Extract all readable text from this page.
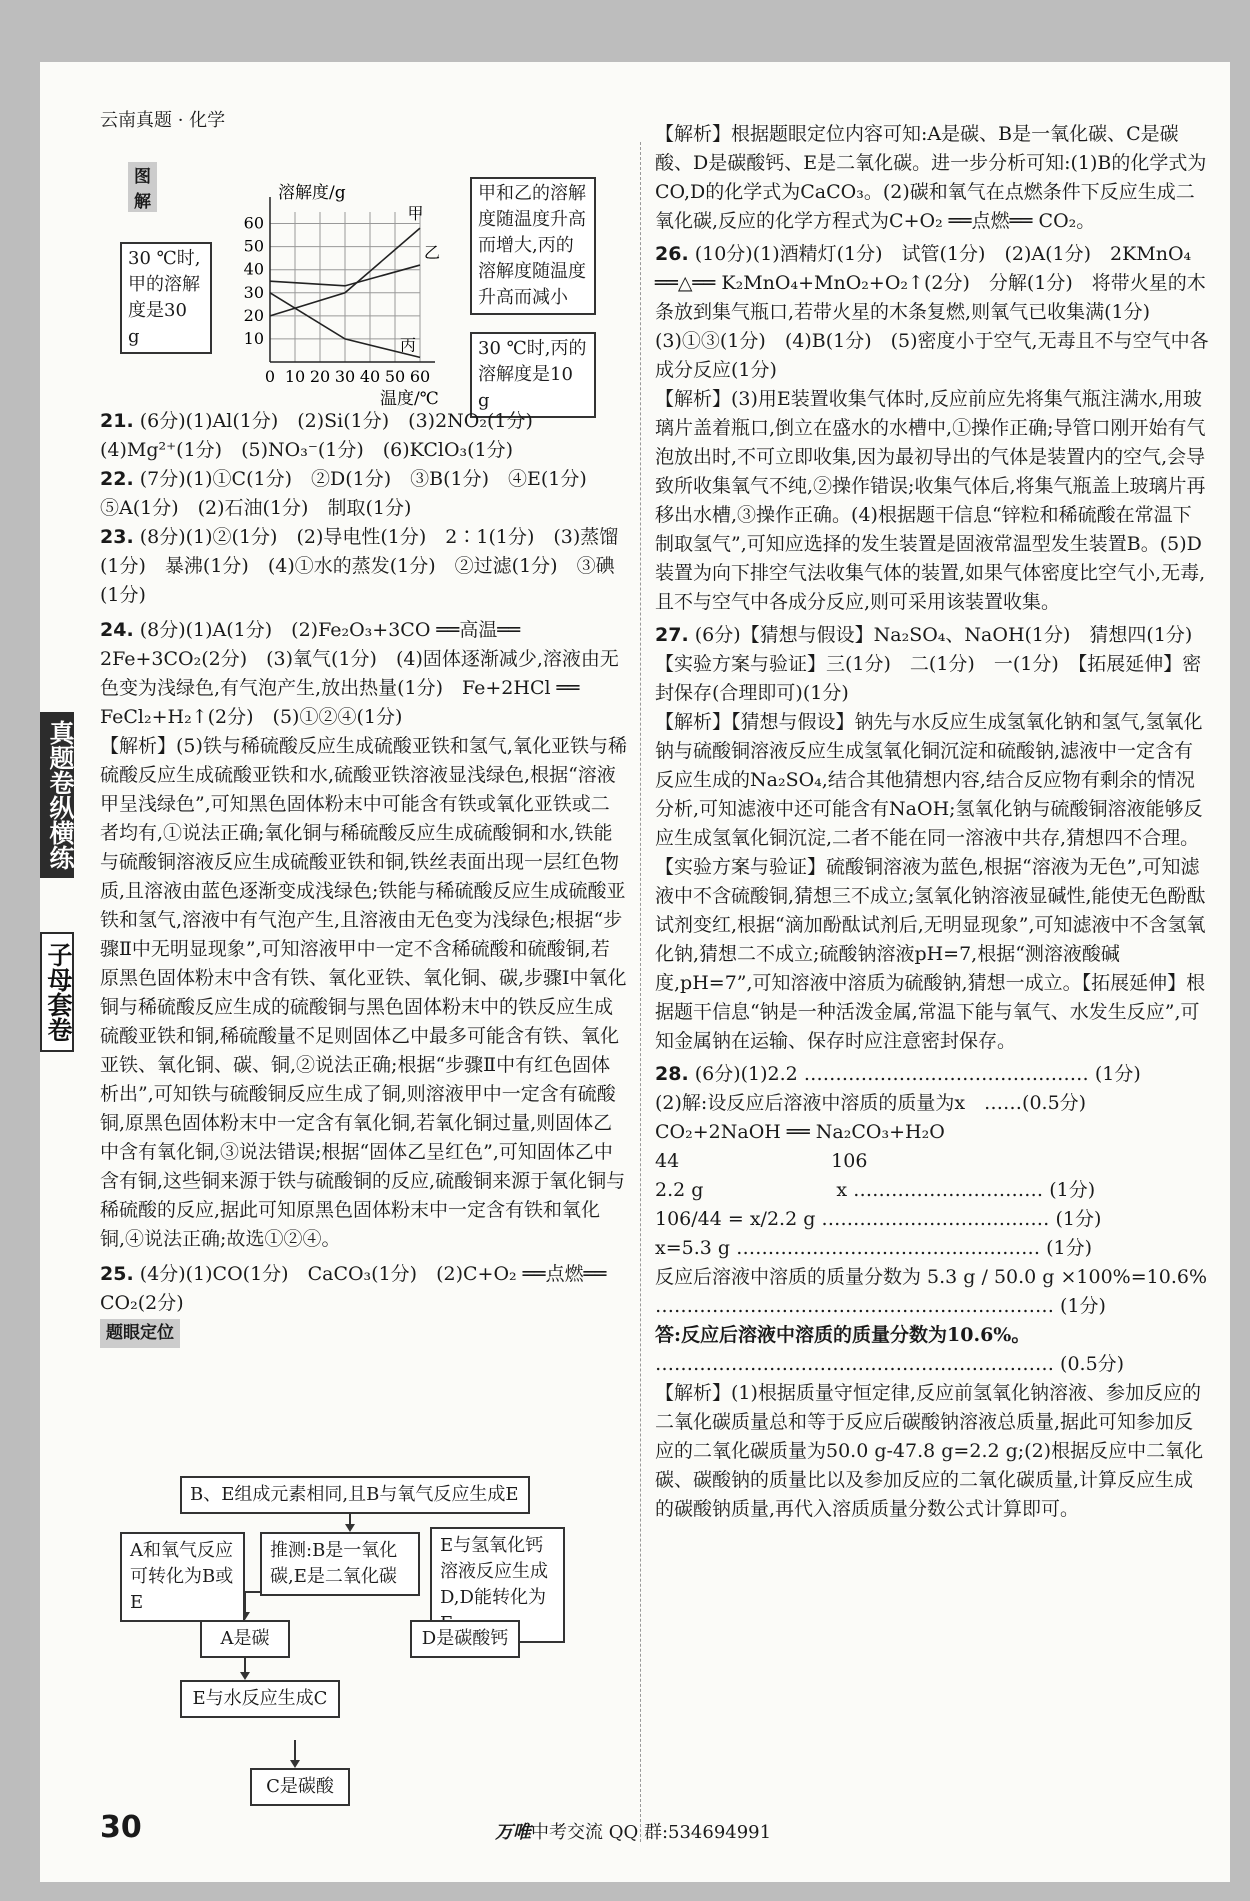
云南真题 · 化学
真题卷纵横练
子母套卷
图解
0 10 20 30 40 50 60
10
20
30
40
50
60
溶解度/g
温度/℃
甲
乙
丙
30 ℃时,甲的溶解度是30 g
甲和乙的溶解度随温度升高而增大,丙的溶解度随温度升高而减小
30 ℃时,丙的溶解度是10 g

21. (6分)(1)Al(1分)　(2)Si(1分)　(3)2NO₂(1分)　(4)Mg²⁺(1分)　(5)NO₃⁻(1分)　(6)KClO₃(1分)

22. (7分)(1)①C(1分)　②D(1分)　③B(1分)　④E(1分)　⑤A(1分)　(2)石油(1分)　制取(1分)

23. (8分)(1)②(1分)　(2)导电性(1分)　2∶1(1分)　(3)蒸馏(1分)　暴沸(1分)　(4)①水的蒸发(1分)　②过滤(1分)　③碘(1分)

24. (8分)(1)A(1分)　(2)Fe₂O₃+3CO ══高温══ 2Fe+3CO₂(2分)　(3)氧气(1分)　(4)固体逐渐减少,溶液由无色变为浅绿色,有气泡产生,放出热量(1分)　Fe+2HCl ══ FeCl₂+H₂↑(2分)　(5)①②④(1分)

【解析】(5)铁与稀硫酸反应生成硫酸亚铁和氢气,氧化亚铁与稀硫酸反应生成硫酸亚铁和水,硫酸亚铁溶液显浅绿色,根据“溶液甲呈浅绿色”,可知黑色固体粉末中可能含有铁或氧化亚铁或二者均有,①说法正确;氧化铜与稀硫酸反应生成硫酸铜和水,铁能与硫酸铜溶液反应生成硫酸亚铁和铜,铁丝表面出现一层红色物质,且溶液由蓝色逐渐变成浅绿色;铁能与稀硫酸反应生成硫酸亚铁和氢气,溶液中有气泡产生,且溶液由无色变为浅绿色;根据“步骤Ⅱ中无明显现象”,可知溶液甲中一定不含稀硫酸和硫酸铜,若原黑色固体粉末中含有铁、氧化亚铁、氧化铜、碳,步骤Ⅰ中氧化铜与稀硫酸反应生成的硫酸铜与黑色固体粉末中的铁反应生成硫酸亚铁和铜,稀硫酸量不足则固体乙中最多可能含有铁、氧化亚铁、氧化铜、碳、铜,②说法正确;根据“步骤Ⅱ中有红色固体析出”,可知铁与硫酸铜反应生成了铜,则溶液甲中一定含有硫酸铜,原黑色固体粉末中一定含有氧化铜,若氧化铜过量,则固体乙中含有氧化铜,③说法错误;根据“固体乙呈红色”,可知固体乙中含有铜,这些铜来源于铁与硫酸铜的反应,硫酸铜来源于氧化铜与稀硫酸的反应,据此可知原黑色固体粉末中一定含有铁和氧化铜,④说法正确;故选①②④。

25. (4分)(1)CO(1分)　CaCO₃(1分)　(2)C+O₂ ══点燃══ CO₂(2分)

题眼定位
B、E组成元素相同,且B与氧气反应生成E
A和氧气反应可转化为B或E
推测:B是一氧化碳,E是二氧化碳
E与氢氧化钙溶液反应生成D,D能转化为
A是碳	D是碳酸钙
E与水反应生成C
C是碳酸

【解析】根据题眼定位内容可知:A是碳、B是一氧化碳、C是碳酸、D是碳酸钙、E是二氧化碳。进一步分析可知:(1)B的化学式为CO,D的化学式为CaCO₃。(2)碳和氧气在点燃条件下反应生成二氧化碳,反应的化学方程式为C+O₂ ══点燃══ CO₂。

26. (10分)(1)酒精灯(1分)　试管(1分)　(2)A(1分)　2KMnO₄ ══△══ K₂MnO₄+MnO₂+O₂↑(2分)　分解(1分)　将带火星的木条放到集气瓶口,若带火星的木条复燃,则氧气已收集满(1分)　(3)①③(1分)　(4)B(1分)　(5)密度小于空气,无毒且不与空气中各成分反应(1分)

【解析】(3)用E装置收集气体时,反应前应先将集气瓶注满水,用玻璃片盖着瓶口,倒立在盛水的水槽中,①操作正确;导管口刚开始有气泡放出时,不可立即收集,因为最初导出的气体是装置内的空气,会导致所收集氧气不纯,②操作错误;收集气体后,将集气瓶盖上玻璃片再移出水槽,③操作正确。(4)根据题干信息“锌粒和稀硫酸在常温下制取氢气”,可知应选择的发生装置是固液常温型发生装置B。(5)D装置为向下排空气法收集气体的装置,如果气体密度比空气小,无毒,且不与空气中各成分反应,则可采用该装置收集。

27. (6分)【猜想与假设】Na₂SO₄、NaOH(1分)　猜想四(1分)　【实验方案与验证】三(1分)　二(1分)　一(1分)　【拓展延伸】密封保存(合理即可)(1分)

【解析】【猜想与假设】钠先与水反应生成氢氧化钠和氢气,氢氧化钠与硫酸铜溶液反应生成氢氧化铜沉淀和硫酸钠,滤液中一定含有反应生成的Na₂SO₄,结合其他猜想内容,结合反应物有剩余的情况分析,可知滤液中还可能含有NaOH;氢氧化钠与硫酸铜溶液能够反应生成氢氧化铜沉淀,二者不能在同一溶液中共存,猜想四不合理。【实验方案与验证】硫酸铜溶液为蓝色,根据“溶液为无色”,可知滤液中不含硫酸铜,猜想三不成立;氢氧化钠溶液显碱性,能使无色酚酞试剂变红,根据“滴加酚酞试剂后,无明显现象”,可知滤液中不含氢氧化钠,猜想二不成立;硫酸钠溶液pH=7,根据“测溶液酸碱度,pH=7”,可知溶液中溶质为硫酸钠,猜想一成立。【拓展延伸】根据题干信息“钠是一种活泼金属,常温下能与氧气、水发生反应”,可知金属钠在运输、保存时应注意密封保存。

28. (6分)(1)2.2 ……………………………………… (1分)

(2)解:设反应后溶液中溶质的质量为x　……(0.5分)

CO₂+2NaOH ══ Na₂CO₃+H₂O

44　　　　　　　　106

2.2 g　　　　　　　x ………………………… (1分)

106/44 = x/2.2 g ……………………………… (1分)

x=5.3 g ………………………………………… (1分)

反应后溶液中溶质的质量分数为 5.3 g / 50.0 g ×100%=10.6%

……………………………………………………… (1分)

答:反应后溶液中溶质的质量分数为10.6%。

……………………………………………………… (0.5分)

【解析】(1)根据质量守恒定律,反应前氢氧化钠溶液、参加反应的二氧化碳质量总和等于反应后碳酸钠溶液总质量,据此可知参加反应的二氧化碳质量为50.0 g-47.8 g=2.2 g;(2)根据反应中二氧化碳、碳酸钠的质量比以及参加反应的二氧化碳质量,计算反应生成的碳酸钠质量,再代入溶质质量分数公式计算即可。

30	万唯中考交流 QQ 群:534694991
